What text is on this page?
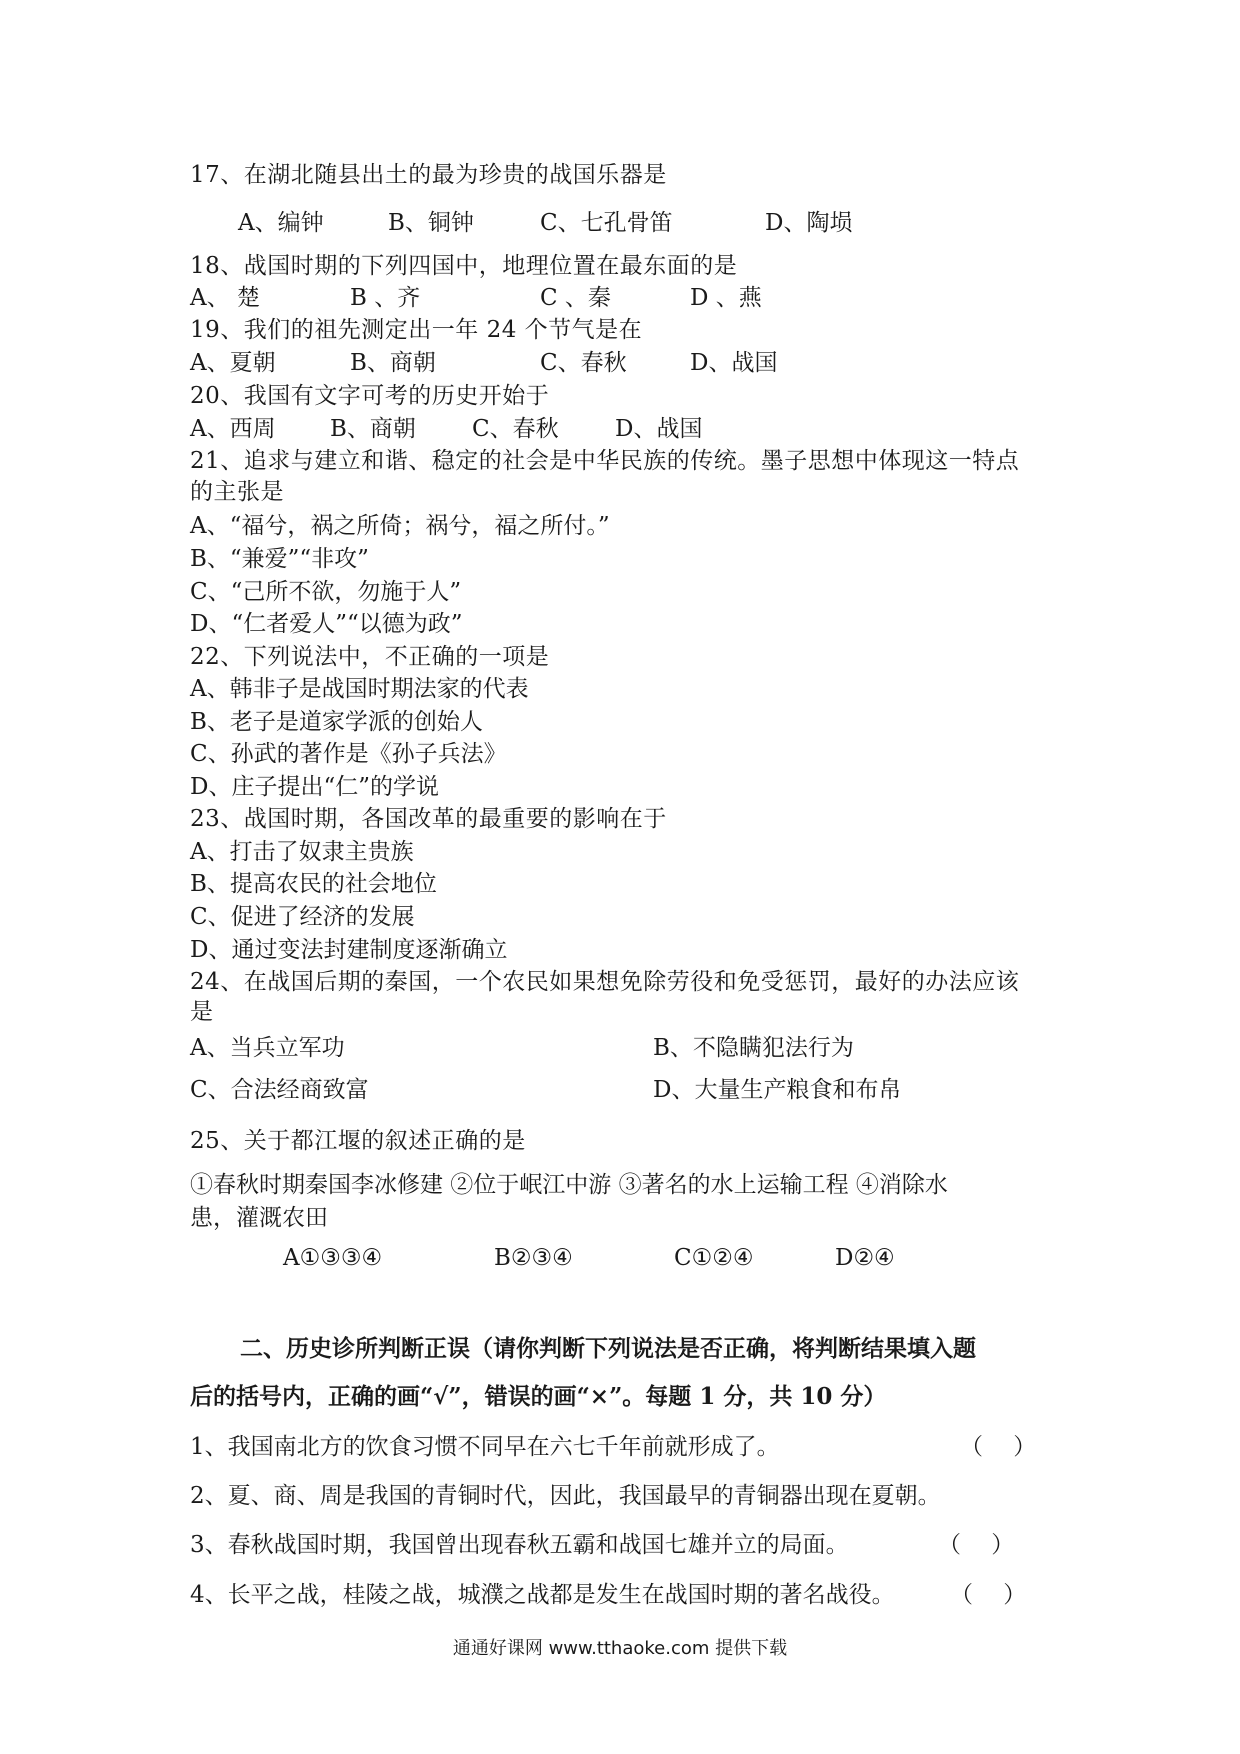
17、在湖北随县出土的最为珍贵的战国乐器是
A、编钟	B、铜钟	C、七孔骨笛	D、陶埙
18、战国时期的下列四国中，地理位置在最东面的是
A、 楚	B 、齐	C 、秦	D 、燕
19、我们的祖先测定出一年 24 个节气是在
A、夏朝	B、商朝	C、春秋	D、战国
20、我国有文字可考的历史开始于
A、西周 B、商朝 C、春秋 D、战国
21、追求与建立和谐、稳定的社会是中华民族的传统。墨子思想中体现这一特点
的主张是
A、“福兮，祸之所倚；祸兮，福之所付。”
B、“兼爱”“非攻”
C、“己所不欲，勿施于人”
D、“仁者爱人”“以德为政”
22、下列说法中，不正确的一项是
A、韩非子是战国时期法家的代表
B、老子是道家学派的创始人
C、孙武的著作是《孙子兵法》
D、庄子提出“仁”的学说
23、战国时期，各国改革的最重要的影响在于
A、打击了奴隶主贵族
B、提高农民的社会地位
C、促进了经济的发展
D、通过变法封建制度逐渐确立
24、在战国后期的秦国，一个农民如果想免除劳役和免受惩罚，最好的办法应该
是
A、当兵立军功	B、不隐瞒犯法行为
C、合法经商致富	D、大量生产粮食和布帛
25、关于都江堰的叙述正确的是
①春秋时期秦国李冰修建 ②位于岷江中游 ③著名的水上运输工程 ④消除水
患，灌溉农田
A①③③④	B②③④	C①②④	D②④
二、历史诊所判断正误（请你判断下列说法是否正确，将判断结果填入题
后的括号内，正确的画“√”，错误的画“×”。每题 1 分，共 10 分）
1、我国南北方的饮食习惯不同早在六七千年前就形成了。	（　 ）
2、夏、商、周是我国的青铜时代，因此，我国最早的青铜器出现在夏朝。
3、春秋战国时期，我国曾出现春秋五霸和战国七雄并立的局面。	（　 ）
4、长平之战，桂陵之战，城濮之战都是发生在战国时期的著名战役。 （　 ）
通通好课网 www.tthaoke.com 提供下载
